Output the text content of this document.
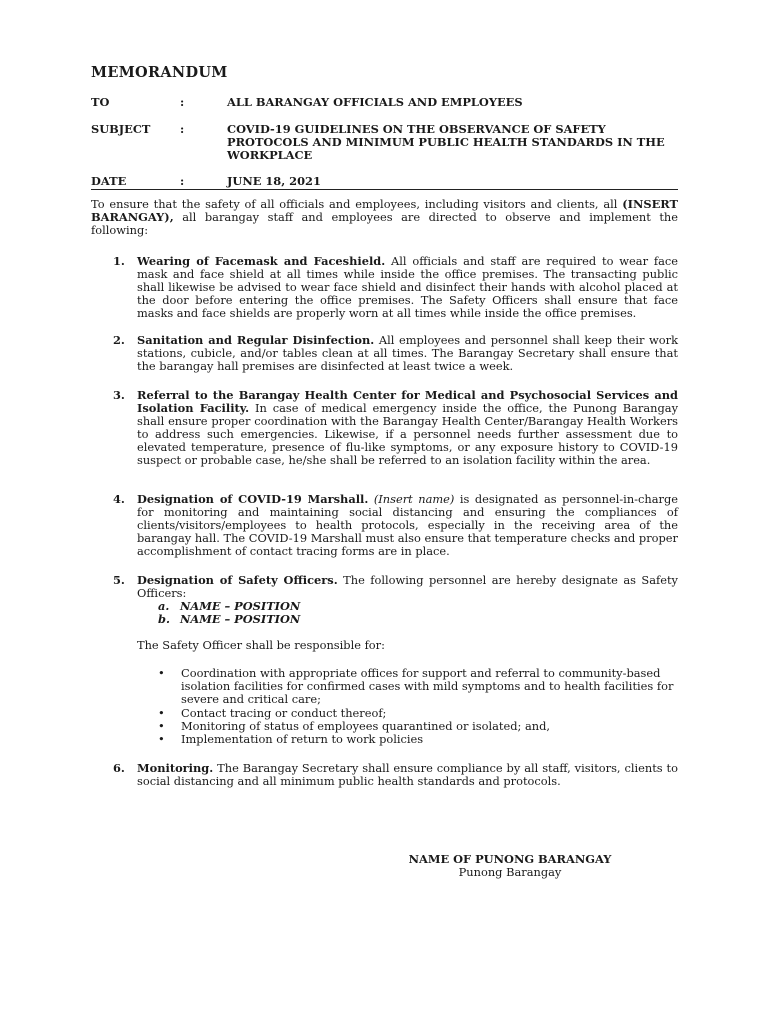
MEMORANDUM
TO	:	ALL BARANGAY OFFICIALS AND EMPLOYEES
SUBJECT	:	COVID-19 GUIDELINES ON THE OBSERVANCE OF SAFETY PROTOCOLS AND MINIMUM PUBLIC HEALTH STANDARDS IN THE WORKPLACE
DATE	:	JUNE 18, 2021
To ensure that the safety of all officials and employees, including visitors and clients, all (INSERT BARANGAY), all barangay staff and employees are directed to observe and implement the following:
1. Wearing of Facemask and Faceshield. All officials and staff are required to wear face mask and face shield at all times while inside the office premises. The transacting public shall likewise be advised to wear face shield and disinfect their hands with alcohol placed at the door before entering the office premises. The Safety Officers shall ensure that face masks and face shields are properly worn at all times while inside the office premises.
2. Sanitation and Regular Disinfection. All employees and personnel shall keep their work stations, cubicle, and/or tables clean at all times. The Barangay Secretary shall ensure that the barangay hall premises are disinfected at least twice a week.
3. Referral to the Barangay Health Center for Medical and Psychosocial Services and Isolation Facility. In case of medical emergency inside the office, the Punong Barangay shall ensure proper coordination with the Barangay Health Center/Barangay Health Workers to address such emergencies. Likewise, if a personnel needs further assessment due to elevated temperature, presence of flu-like symptoms, or any exposure history to COVID-19 suspect or probable case, he/she shall be referred to an isolation facility within the area.
4. Designation of COVID-19 Marshall. (Insert name) is designated as personnel-in-charge for monitoring and maintaining social distancing and ensuring the compliances of clients/visitors/employees to health protocols, especially in the receiving area of the barangay hall. The COVID-19 Marshall must also ensure that temperature checks and proper accomplishment of contact tracing forms are in place.
5. Designation of Safety Officers. The following personnel are hereby designate as Safety Officers:
a. NAME – POSITION
b. NAME – POSITION
The Safety Officer shall be responsible for:
• Coordination with appropriate offices for support and referral to community-based isolation facilities for confirmed cases with mild symptoms and to health facilities for severe and critical care;
• Contact tracing or conduct thereof;
• Monitoring of status of employees quarantined or isolated; and,
• Implementation of return to work policies
6. Monitoring. The Barangay Secretary shall ensure compliance by all staff, visitors, clients to social distancing and all minimum public health standards and protocols.
NAME OF PUNONG BARANGAY
Punong Barangay
